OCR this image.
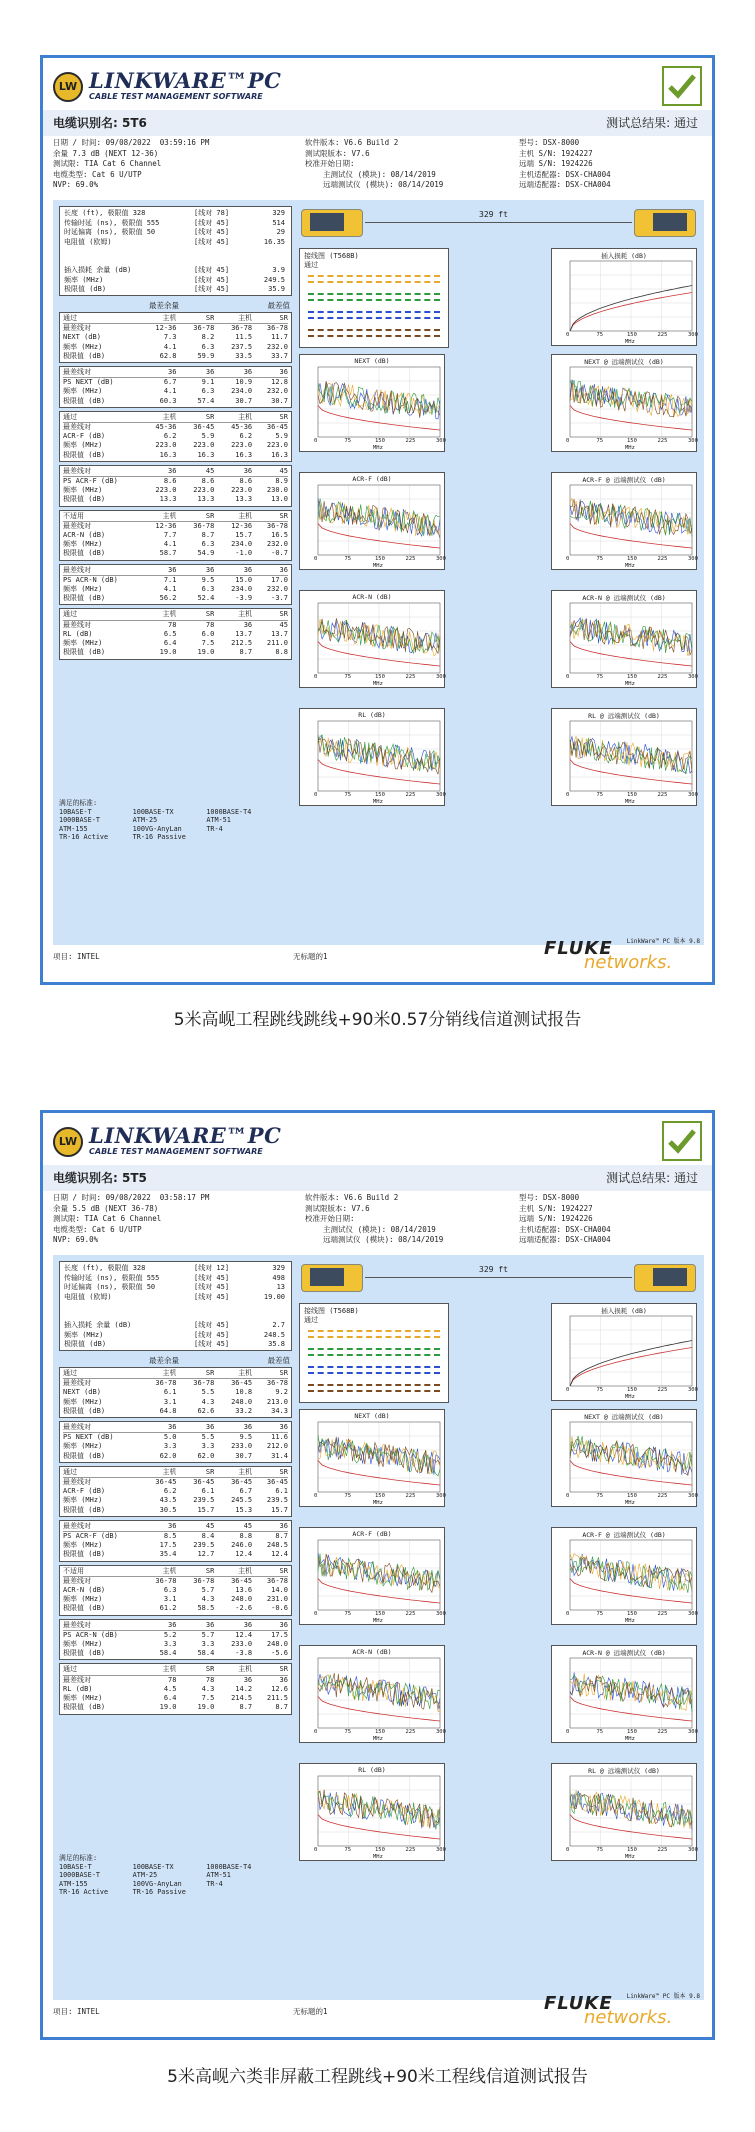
LW LINKWARE™PC
CABLE TEST MANAGEMENT SOFTWARE
电缆识别名: 5T6	测试总结果: 通过
日期 / 时间: 09/08/2022  03:59:16 PM
余量 7.3 dB (NEXT 12-36)
测试限: TIA Cat 6 Channel
电缆类型: Cat 6 U/UTP
NVP: 69.0%
软件版本: V6.6 Build 2
测试限版本: V7.6
校准开始日期:
主测试仪 (模块): 08/14/2019
远端测试仪 (模块): 08/14/2019
型号: DSX-8000
主机 S/N: 1924227
远端 S/N: 1924226
主机适配器: DSX-CHA004
远端适配器: DSX-CHA004
长度 (ft), 极限值 328	[线对 78]	329
传输时延 (ns), 极限值 555	[线对 45]	514
时延偏离 (ns), 极限值 50	[线对 45]	29
电阻值 (欧姆)	[线对 45]	16.35
插入损耗 余量 (dB)	[线对 45]	3.9
频率 (MHz)	[线对 45]	249.5
极限值 (dB)	[线对 45]	35.9
最差余量	最差值
通过	主机	SR	主机	SR
最差线对	12-36	36-78	36-78	36-78
NEXT (dB)	7.3	8.2	11.5	11.7
频率 (MHz)	4.1	6.3	237.5	232.0
极限值 (dB)	62.8	59.9	33.5	33.7
最差线对	36	36	36	36
PS NEXT (dB)	6.7	9.1	10.9	12.8
频率 (MHz)	4.1	6.3	234.0	232.0
极限值 (dB)	60.3	57.4	30.7	30.7
通过	主机	SR	主机	SR
最差线对	45-36	36-45	45-36	36-45
ACR-F (dB)	6.2	5.9	6.2	5.9
频率 (MHz)	223.0	223.0	223.0	223.0
极限值 (dB)	16.3	16.3	16.3	16.3
最差线对	36	45	36	45
PS ACR-F (dB)	8.6	8.6	8.6	8.9
频率 (MHz)	223.0	223.0	223.0	230.0
极限值 (dB)	13.3	13.3	13.3	13.0
不适用	主机	SR	主机	SR
最差线对	12-36	36-78	12-36	36-78
ACR-N (dB)	7.7	8.7	15.7	16.5
频率 (MHz)	4.1	6.3	234.0	232.0
极限值 (dB)	58.7	54.9	-1.0	-0.7
最差线对	36	36	36	36
PS ACR-N (dB)	7.1	9.5	15.0	17.0
频率 (MHz)	4.1	6.3	234.0	232.0
极限值 (dB)	56.2	52.4	-3.9	-3.7
通过	主机	SR	主机	SR
最差线对	78	78	36	45
RL (dB)	6.5	6.0	13.7	13.7
频率 (MHz)	6.4	7.5	212.5	211.0
极限值 (dB)	19.0	19.0	8.7	8.8
满足的标准:
10BASE-T          100BASE-TX        1000BASE-T4
1000BASE-T        ATM-25            ATM-51
ATM-155           100VG-AnyLan      TR-4
TR-16 Active      TR-16 Passive
329 ft
接线图 (T568B)
通过
插入损耗 (dB)
0	75	150	225	300
MHz
NEXT (dB)
0	75	150	225	300
MHz
NEXT @ 远端测试仪 (dB)
0	75	150	225	300
MHz
ACR-F (dB)
0	75	150	225	300
MHz
ACR-F @ 远端测试仪 (dB)
0	75	150	225	300
MHz
ACR-N (dB)
0	75	150	225	300
MHz
ACR-N @ 远端测试仪 (dB)
0	75	150	225	300
MHz
RL (dB)
0	75	150	225	300
MHz
RL @ 远端测试仪 (dB)
0	75	150	225	300
MHz
LinkWare™ PC 版本 9.8
项目: INTEL	无标题的1	FLUKE
networks.
5米高岘工程跳线跳线+90米0.57分销线信道测试报告
LW LINKWARE™PC
CABLE TEST MANAGEMENT SOFTWARE
电缆识别名: 5T5	测试总结果: 通过
日期 / 时间: 09/08/2022  03:58:17 PM
余量 5.5 dB (NEXT 36-78)
测试限: TIA Cat 6 Channel
电缆类型: Cat 6 U/UTP
NVP: 69.0%
软件版本: V6.6 Build 2
测试限版本: V7.6
校准开始日期:
主测试仪 (模块): 08/14/2019
远端测试仪 (模块): 08/14/2019
型号: DSX-8000
主机 S/N: 1924227
远端 S/N: 1924226
主机适配器: DSX-CHA004
远端适配器: DSX-CHA004
长度 (ft), 极限值 328	[线对 12]	329
传输时延 (ns), 极限值 555	[线对 45]	498
时延偏离 (ns), 极限值 50	[线对 45]	13
电阻值 (欧姆)	[线对 45]	19.00
插入损耗 余量 (dB)	[线对 45]	2.7
频率 (MHz)	[线对 45]	248.5
极限值 (dB)	[线对 45]	35.8
最差余量	最差值
通过	主机	SR	主机	SR
最差线对	36-78	36-78	36-45	36-78
NEXT (dB)	6.1	5.5	10.8	9.2
频率 (MHz)	3.1	4.3	248.0	213.0
极限值 (dB)	64.8	62.6	33.2	34.3
最差线对	36	36	36	36
PS NEXT (dB)	5.0	5.5	9.5	11.6
频率 (MHz)	3.3	3.3	233.0	212.0
极限值 (dB)	62.0	62.0	30.7	31.4
通过	主机	SR	主机	SR
最差线对	36-45	36-45	36-45	36-45
ACR-F (dB)	6.2	6.1	6.7	6.1
频率 (MHz)	43.5	239.5	245.5	239.5
极限值 (dB)	30.5	15.7	15.3	15.7
最差线对	36	45	45	36
PS ACR-F (dB)	8.5	8.4	8.8	8.7
频率 (MHz)	17.5	239.5	246.0	248.5
极限值 (dB)	35.4	12.7	12.4	12.4
不适用	主机	SR	主机	SR
最差线对	36-78	36-78	36-45	36-78
ACR-N (dB)	6.3	5.7	13.6	14.0
频率 (MHz)	3.1	4.3	248.0	231.0
极限值 (dB)	61.2	58.5	-2.6	-0.6
最差线对	36	36	36	36
PS ACR-N (dB)	5.2	5.7	12.4	17.5
频率 (MHz)	3.3	3.3	233.0	248.0
极限值 (dB)	58.4	58.4	-3.8	-5.6
通过	主机	SR	主机	SR
最差线对	78	78	36	36
RL (dB)	4.5	4.3	14.2	12.6
频率 (MHz)	6.4	7.5	214.5	211.5
极限值 (dB)	19.0	19.0	8.7	8.7
满足的标准:
10BASE-T          100BASE-TX        1000BASE-T4
1000BASE-T        ATM-25            ATM-51
ATM-155           100VG-AnyLan      TR-4
TR-16 Active      TR-16 Passive
329 ft
接线图 (T568B)
通过
插入损耗 (dB)
0	75	150	225	300
MHz
NEXT (dB)
0	75	150	225	300
MHz
NEXT @ 远端测试仪 (dB)
0	75	150	225	300
MHz
ACR-F (dB)
0	75	150	225	300
MHz
ACR-F @ 远端测试仪 (dB)
0	75	150	225	300
MHz
ACR-N (dB)
0	75	150	225	300
MHz
ACR-N @ 远端测试仪 (dB)
0	75	150	225	300
MHz
RL (dB)
0	75	150	225	300
MHz
RL @ 远端测试仪 (dB)
0	75	150	225	300
MHz
LinkWare™ PC 版本 9.8
项目: INTEL	无标题的1	FLUKE
networks.
5米高岘六类非屏蔽工程跳线+90米工程线信道测试报告
